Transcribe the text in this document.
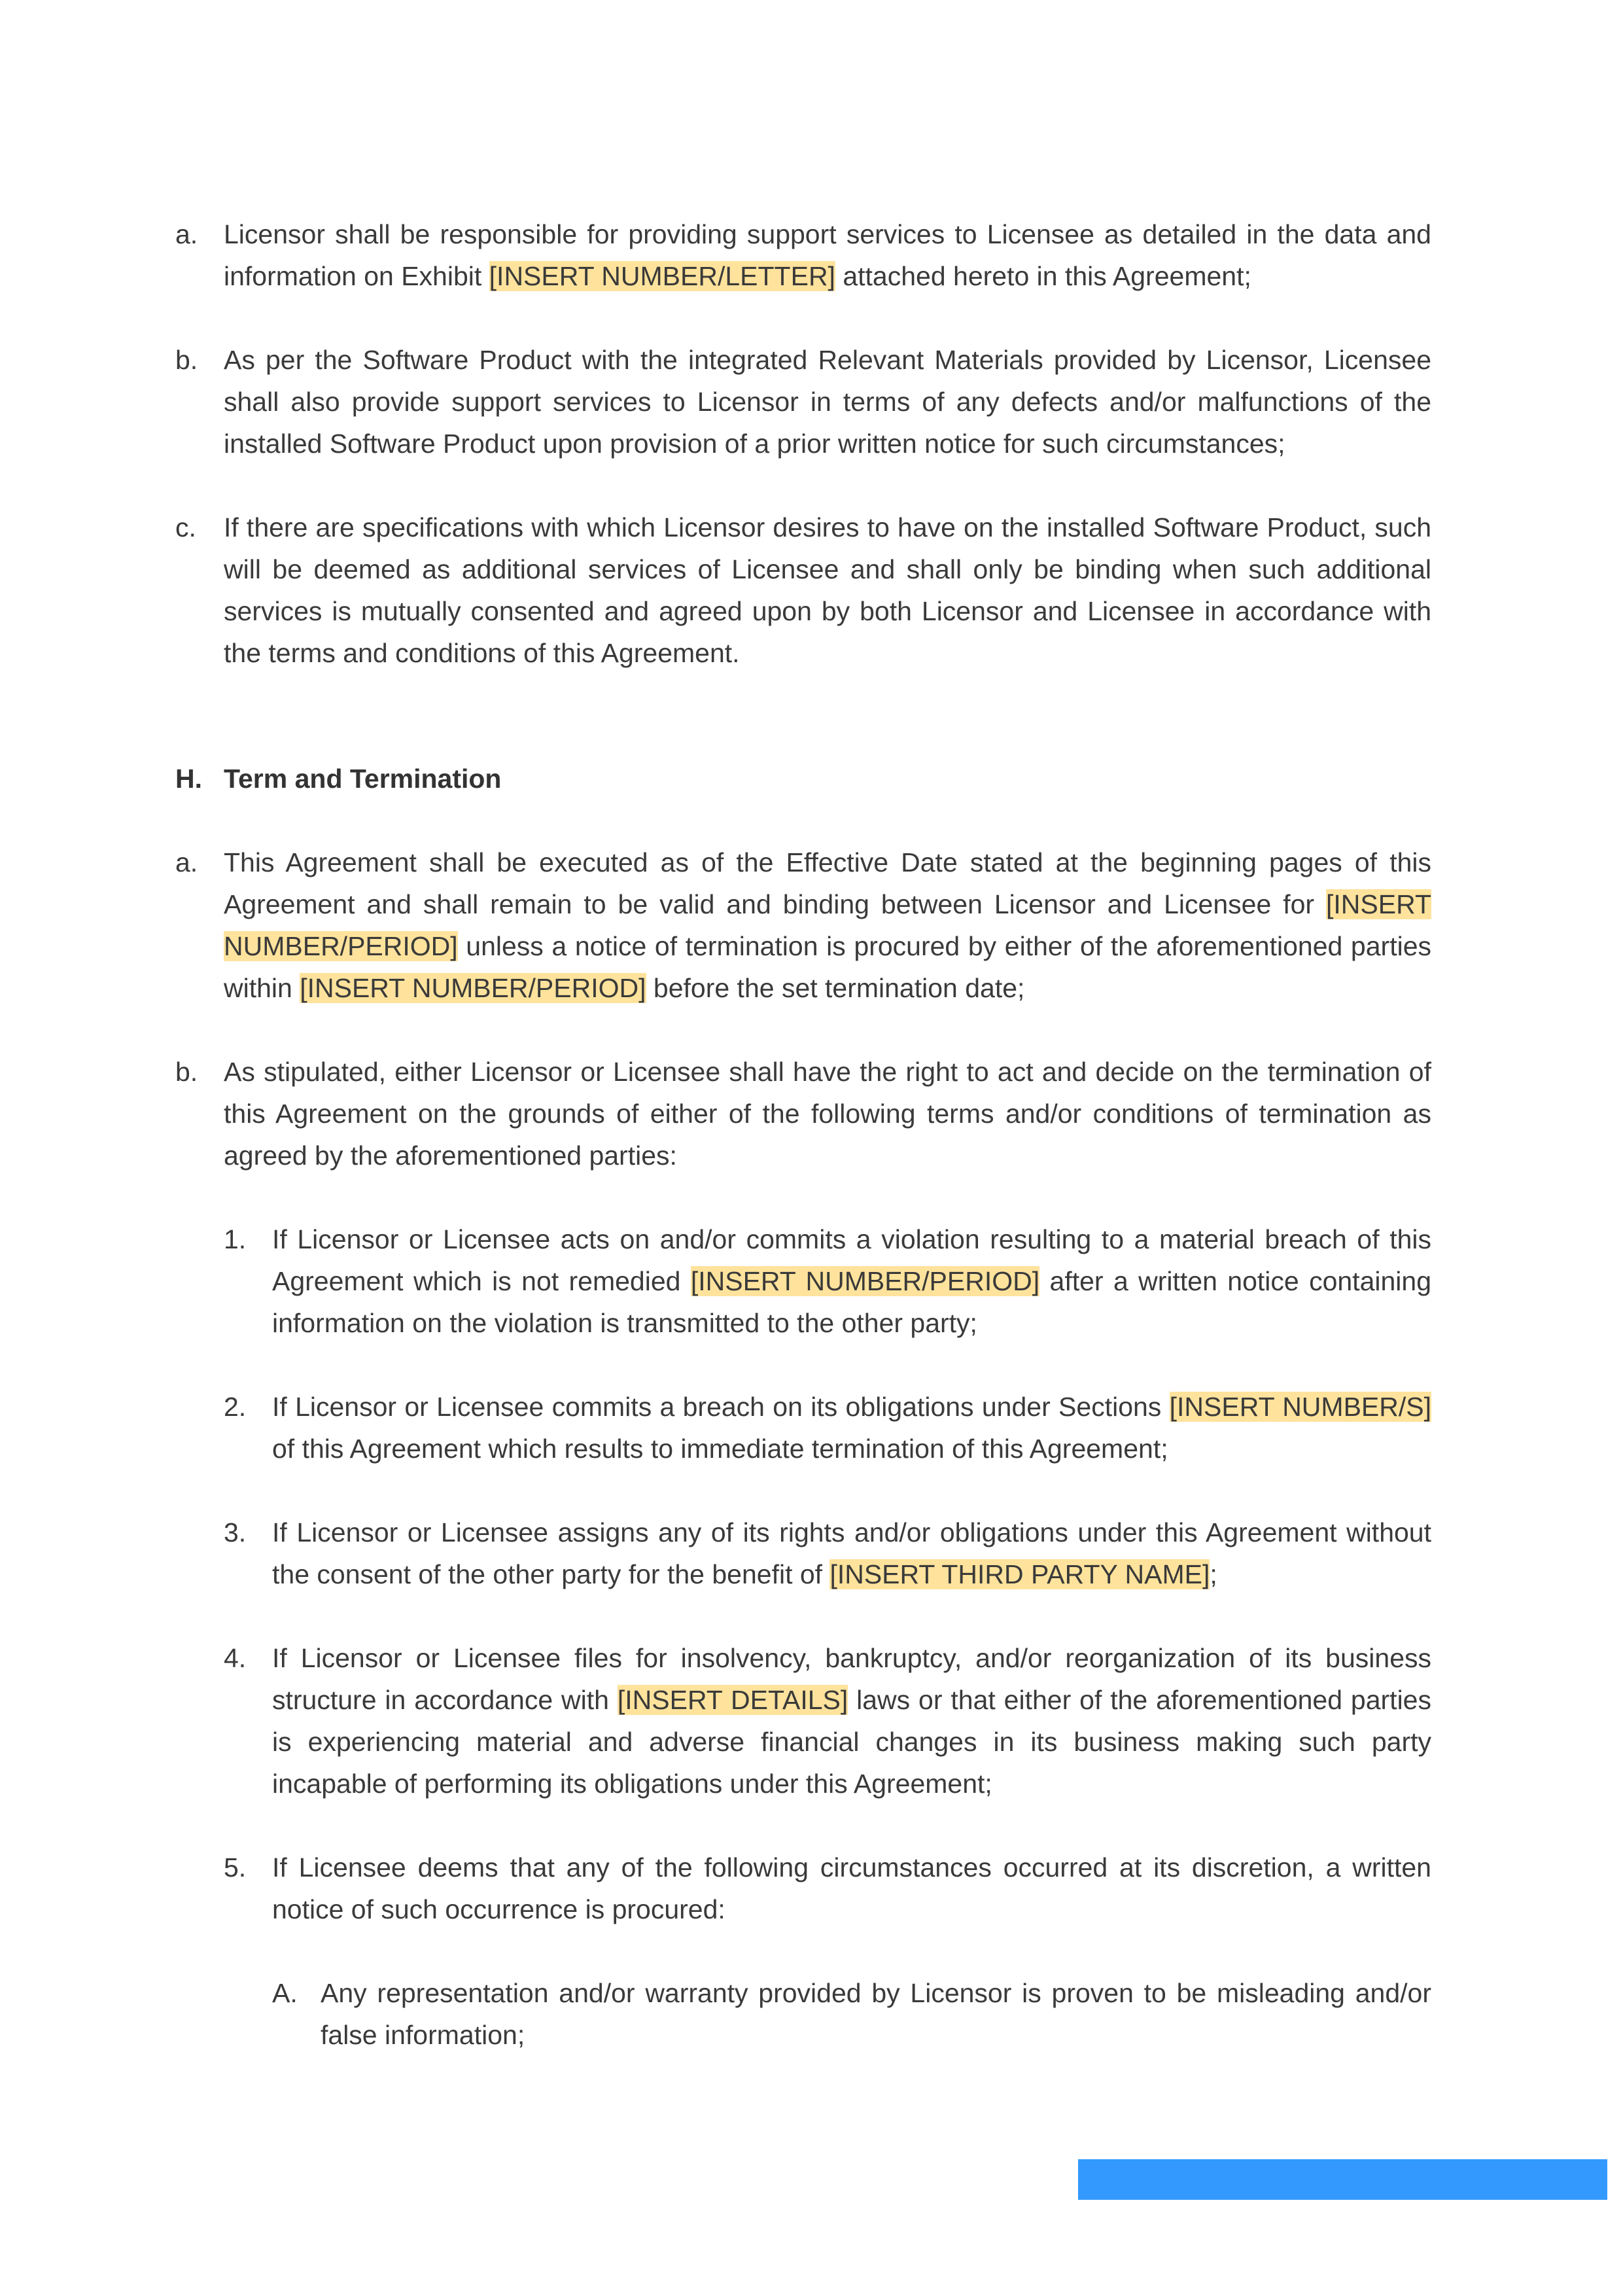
a. Licensor shall be responsible for providing support services to Licensee as detailed in the data and information on Exhibit [INSERT NUMBER/LETTER] attached hereto in this Agreement;
b. As per the Software Product with the integrated Relevant Materials provided by Licensor, Licensee shall also provide support services to Licensor in terms of any defects and/or malfunctions of the installed Software Product upon provision of a prior written notice for such circumstances;
c. If there are specifications with which Licensor desires to have on the installed Software Product, such will be deemed as additional services of Licensee and shall only be binding when such additional services is mutually consented and agreed upon by both Licensor and Licensee in accordance with the terms and conditions of this Agreement.
H. Term and Termination
a. This Agreement shall be executed as of the Effective Date stated at the beginning pages of this Agreement and shall remain to be valid and binding between Licensor and Licensee for [INSERT NUMBER/PERIOD] unless a notice of termination is procured by either of the aforementioned parties within [INSERT NUMBER/PERIOD] before the set termination date;
b. As stipulated, either Licensor or Licensee shall have the right to act and decide on the termination of this Agreement on the grounds of either of the following terms and/or conditions of termination as agreed by the aforementioned parties:
1. If Licensor or Licensee acts on and/or commits a violation resulting to a material breach of this Agreement which is not remedied [INSERT NUMBER/PERIOD] after a written notice containing information on the violation is transmitted to the other party;
2. If Licensor or Licensee commits a breach on its obligations under Sections [INSERT NUMBER/S] of this Agreement which results to immediate termination of this Agreement;
3. If Licensor or Licensee assigns any of its rights and/or obligations under this Agreement without the consent of the other party for the benefit of [INSERT THIRD PARTY NAME];
4. If Licensor or Licensee files for insolvency, bankruptcy, and/or reorganization of its business structure in accordance with [INSERT DETAILS] laws or that either of the aforementioned parties is experiencing material and adverse financial changes in its business making such party incapable of performing its obligations under this Agreement;
5. If Licensee deems that any of the following circumstances occurred at its discretion, a written notice of such occurrence is procured:
A. Any representation and/or warranty provided by Licensor is proven to be misleading and/or false information;
